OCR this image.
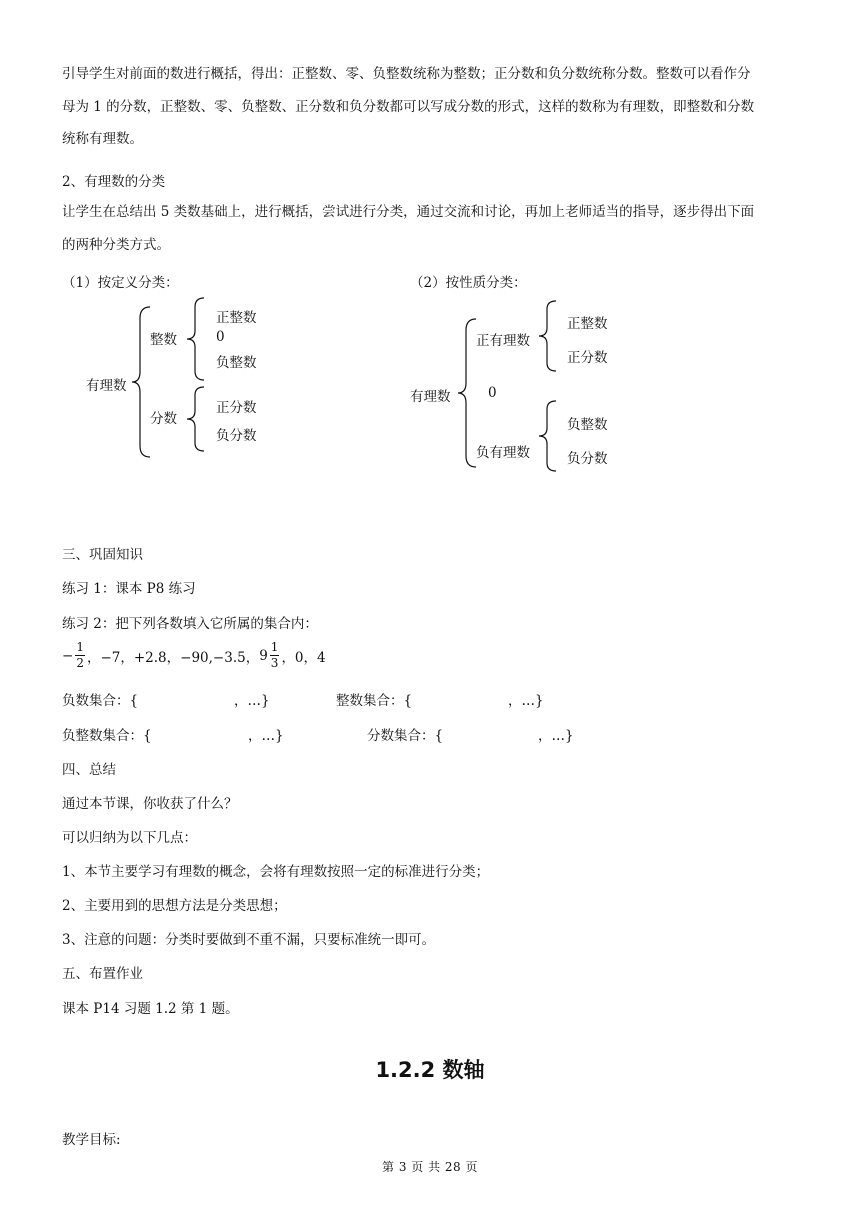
引导学生对前面的数进行概括，得出：正整数、零、负整数统称为整数；正分数和负分数统称分数。整数可以看作分
母为 1 的分数，正整数、零、负整数、正分数和负分数都可以写成分数的形式，这样的数称为有理数，即整数和分数
统称有理数。
2、有理数的分类
让学生在总结出 5 类数基础上，进行概括，尝试进行分类，通过交流和讨论，再加上老师适当的指导，逐步得出下面
的两种分类方式。
（1）按定义分类：
有理数
整数
正整数
0
负整数
分数
正分数
负分数
（2）按性质分类：
有理数
正有理数
正整数
正分数
0
负有理数
负整数
负分数
三、巩固知识
练习 1：课本 P8 练习
练习 2：把下列各数填入它所属的集合内：
− $\frac{1}{2}$ ，−7，+2.8，−90,−3.5， $9 \frac{1}{3}$ ，0，4
负数集合：{	，…}	整数集合：{	，…}
负整数集合：{	，…}	分数集合：{	，…}
四、总结
通过本节课，你收获了什么？
可以归纳为以下几点：
1、本节主要学习有理数的概念，会将有理数按照一定的标准进行分类；
2、主要用到的思想方法是分类思想；
3、注意的问题：分类时要做到不重不漏，只要标准统一即可。
五、布置作业
课本 P14 习题 1.2 第 1 题。
1.2.2 数轴
教学目标:
第 3 页 共 28 页
